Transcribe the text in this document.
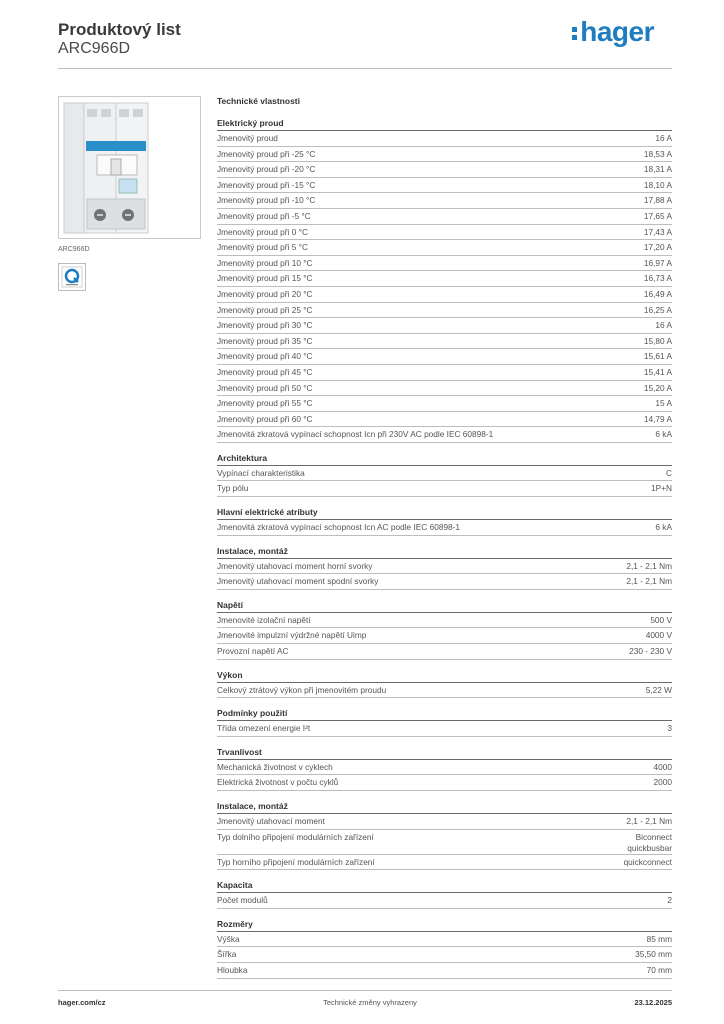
Produktový list
ARC966D
hager
ARC966D
Technické vlastnosti
Elektrický proud
Jmenovitý proud	16 A
Jmenovitý proud při -25 °C	18,53 A
Jmenovitý proud při -20 °C	18,31 A
Jmenovitý proud při -15 °C	18,10 A
Jmenovitý proud při -10 °C	17,88 A
Jmenovitý proud při -5 °C	17,65 A
Jmenovitý proud při 0 °C	17,43 A
Jmenovitý proud při 5 °C	17,20 A
Jmenovitý proud při 10 °C	16,97 A
Jmenovitý proud při 15 °C	16,73 A
Jmenovitý proud při 20 °C	16,49 A
Jmenovitý proud při 25 °C	16,25 A
Jmenovitý proud při 30 °C	16 A
Jmenovitý proud při 35 °C	15,80 A
Jmenovitý proud při 40 °C	15,61 A
Jmenovitý proud při 45 °C	15,41 A
Jmenovitý proud při 50 °C	15,20 A
Jmenovitý proud při 55 °C	15 A
Jmenovitý proud při 60 °C	14,79 A
Jmenovitá zkratová vypínací schopnost Icn při 230V AC podle IEC 60898-1	6 kA
Architektura
Vypínací charakteristika	C
Typ pólu	1P+N
Hlavní elektrické atributy
Jmenovitá zkratová vypínací schopnost Icn AC podle IEC 60898-1	6 kA
Instalace, montáž
Jmenovitý utahovací moment horní svorky	2,1 - 2,1 Nm
Jmenovitý utahovací moment spodní svorky	2,1 - 2,1 Nm
Napětí
Jmenovité izolační napětí	500 V
Jmenovité impulzní výdržné napětí Uimp	4000 V
Provozní napětí AC	230 - 230 V
Výkon
Celkový ztrátový výkon při jmenovitém proudu	5,22 W
Podmínky použití
Třída omezení energie I²t	3
Trvanlivost
Mechanická životnost v cyklech	4000
Elektrická životnost v počtu cyklů	2000
Instalace, montáž
Jmenovitý utahovací moment	2,1 - 2,1 Nm
Typ dolního připojení modulárních zařízení	Biconnect
quickbusbar
Typ horního připojení modulárních zařízení	quickconnect
Kapacita
Počet modulů	2
Rozměry
Výška	85 mm
Šířka	35,50 mm
Hloubka	70 mm
hager.com/cz	Technické změny vyhrazeny	23.12.2025
